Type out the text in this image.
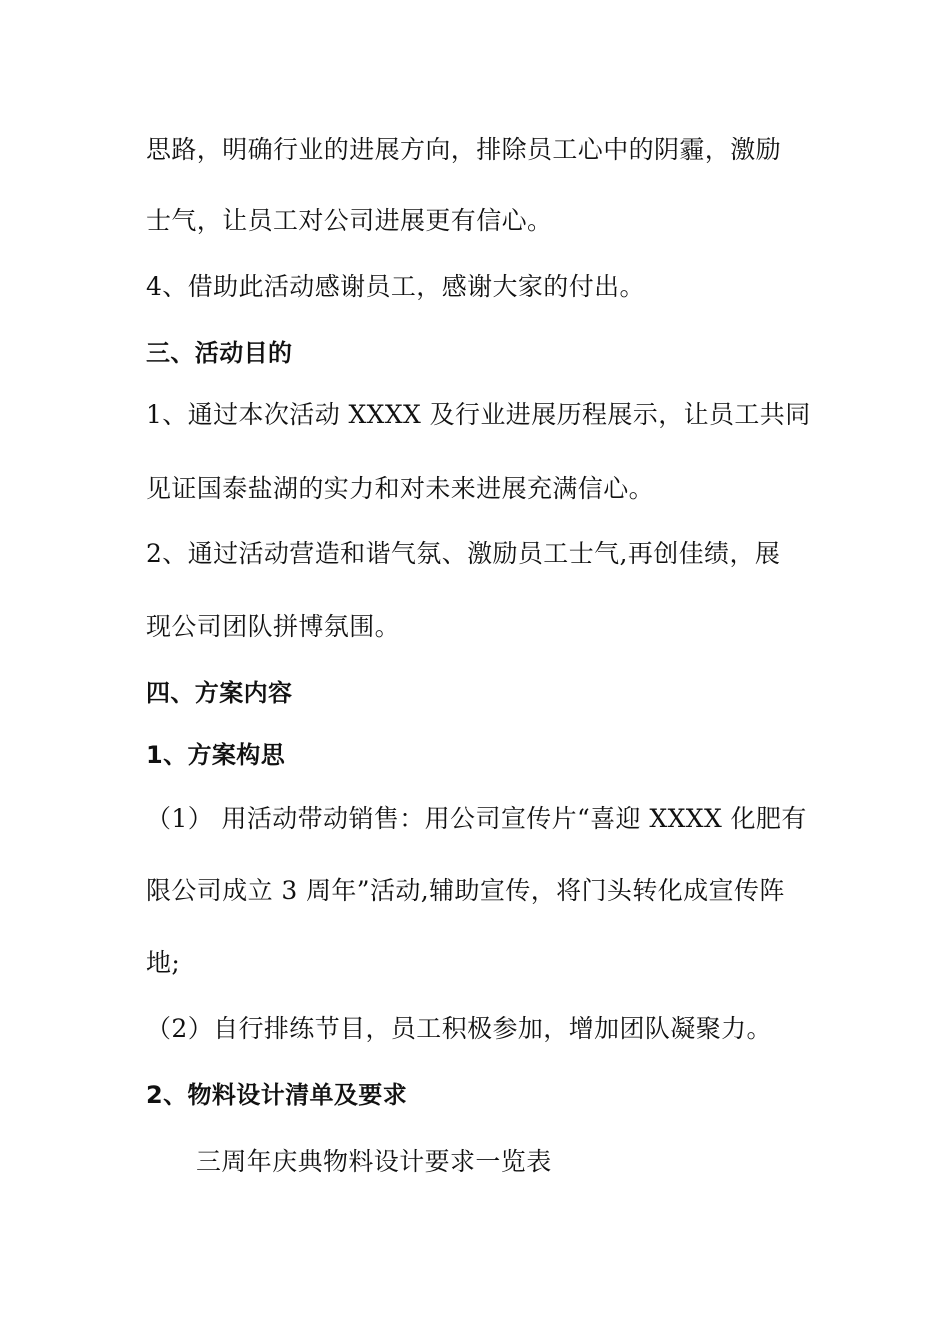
思路，明确行业的进展方向，排除员工心中的阴霾，激励
士气，让员工对公司进展更有信心。
4、借助此活动感谢员工，感谢大家的付出。
三、活动目的
1、通过本次活动 XXXX 及行业进展历程展示，让员工共同
见证国泰盐湖的实力和对未来进展充满信心。
2、通过活动营造和谐气氛、激励员工士气,再创佳绩，展
现公司团队拼博氛围。
四、方案内容
1、方案构思
（1） 用活动带动销售：用公司宣传片“喜迎 XXXX 化肥有
限公司成立 3 周年”活动,辅助宣传，将门头转化成宣传阵
地;
（2）自行排练节目，员工积极参加，增加团队凝聚力。
2、物料设计清单及要求
三周年庆典物料设计要求一览表
